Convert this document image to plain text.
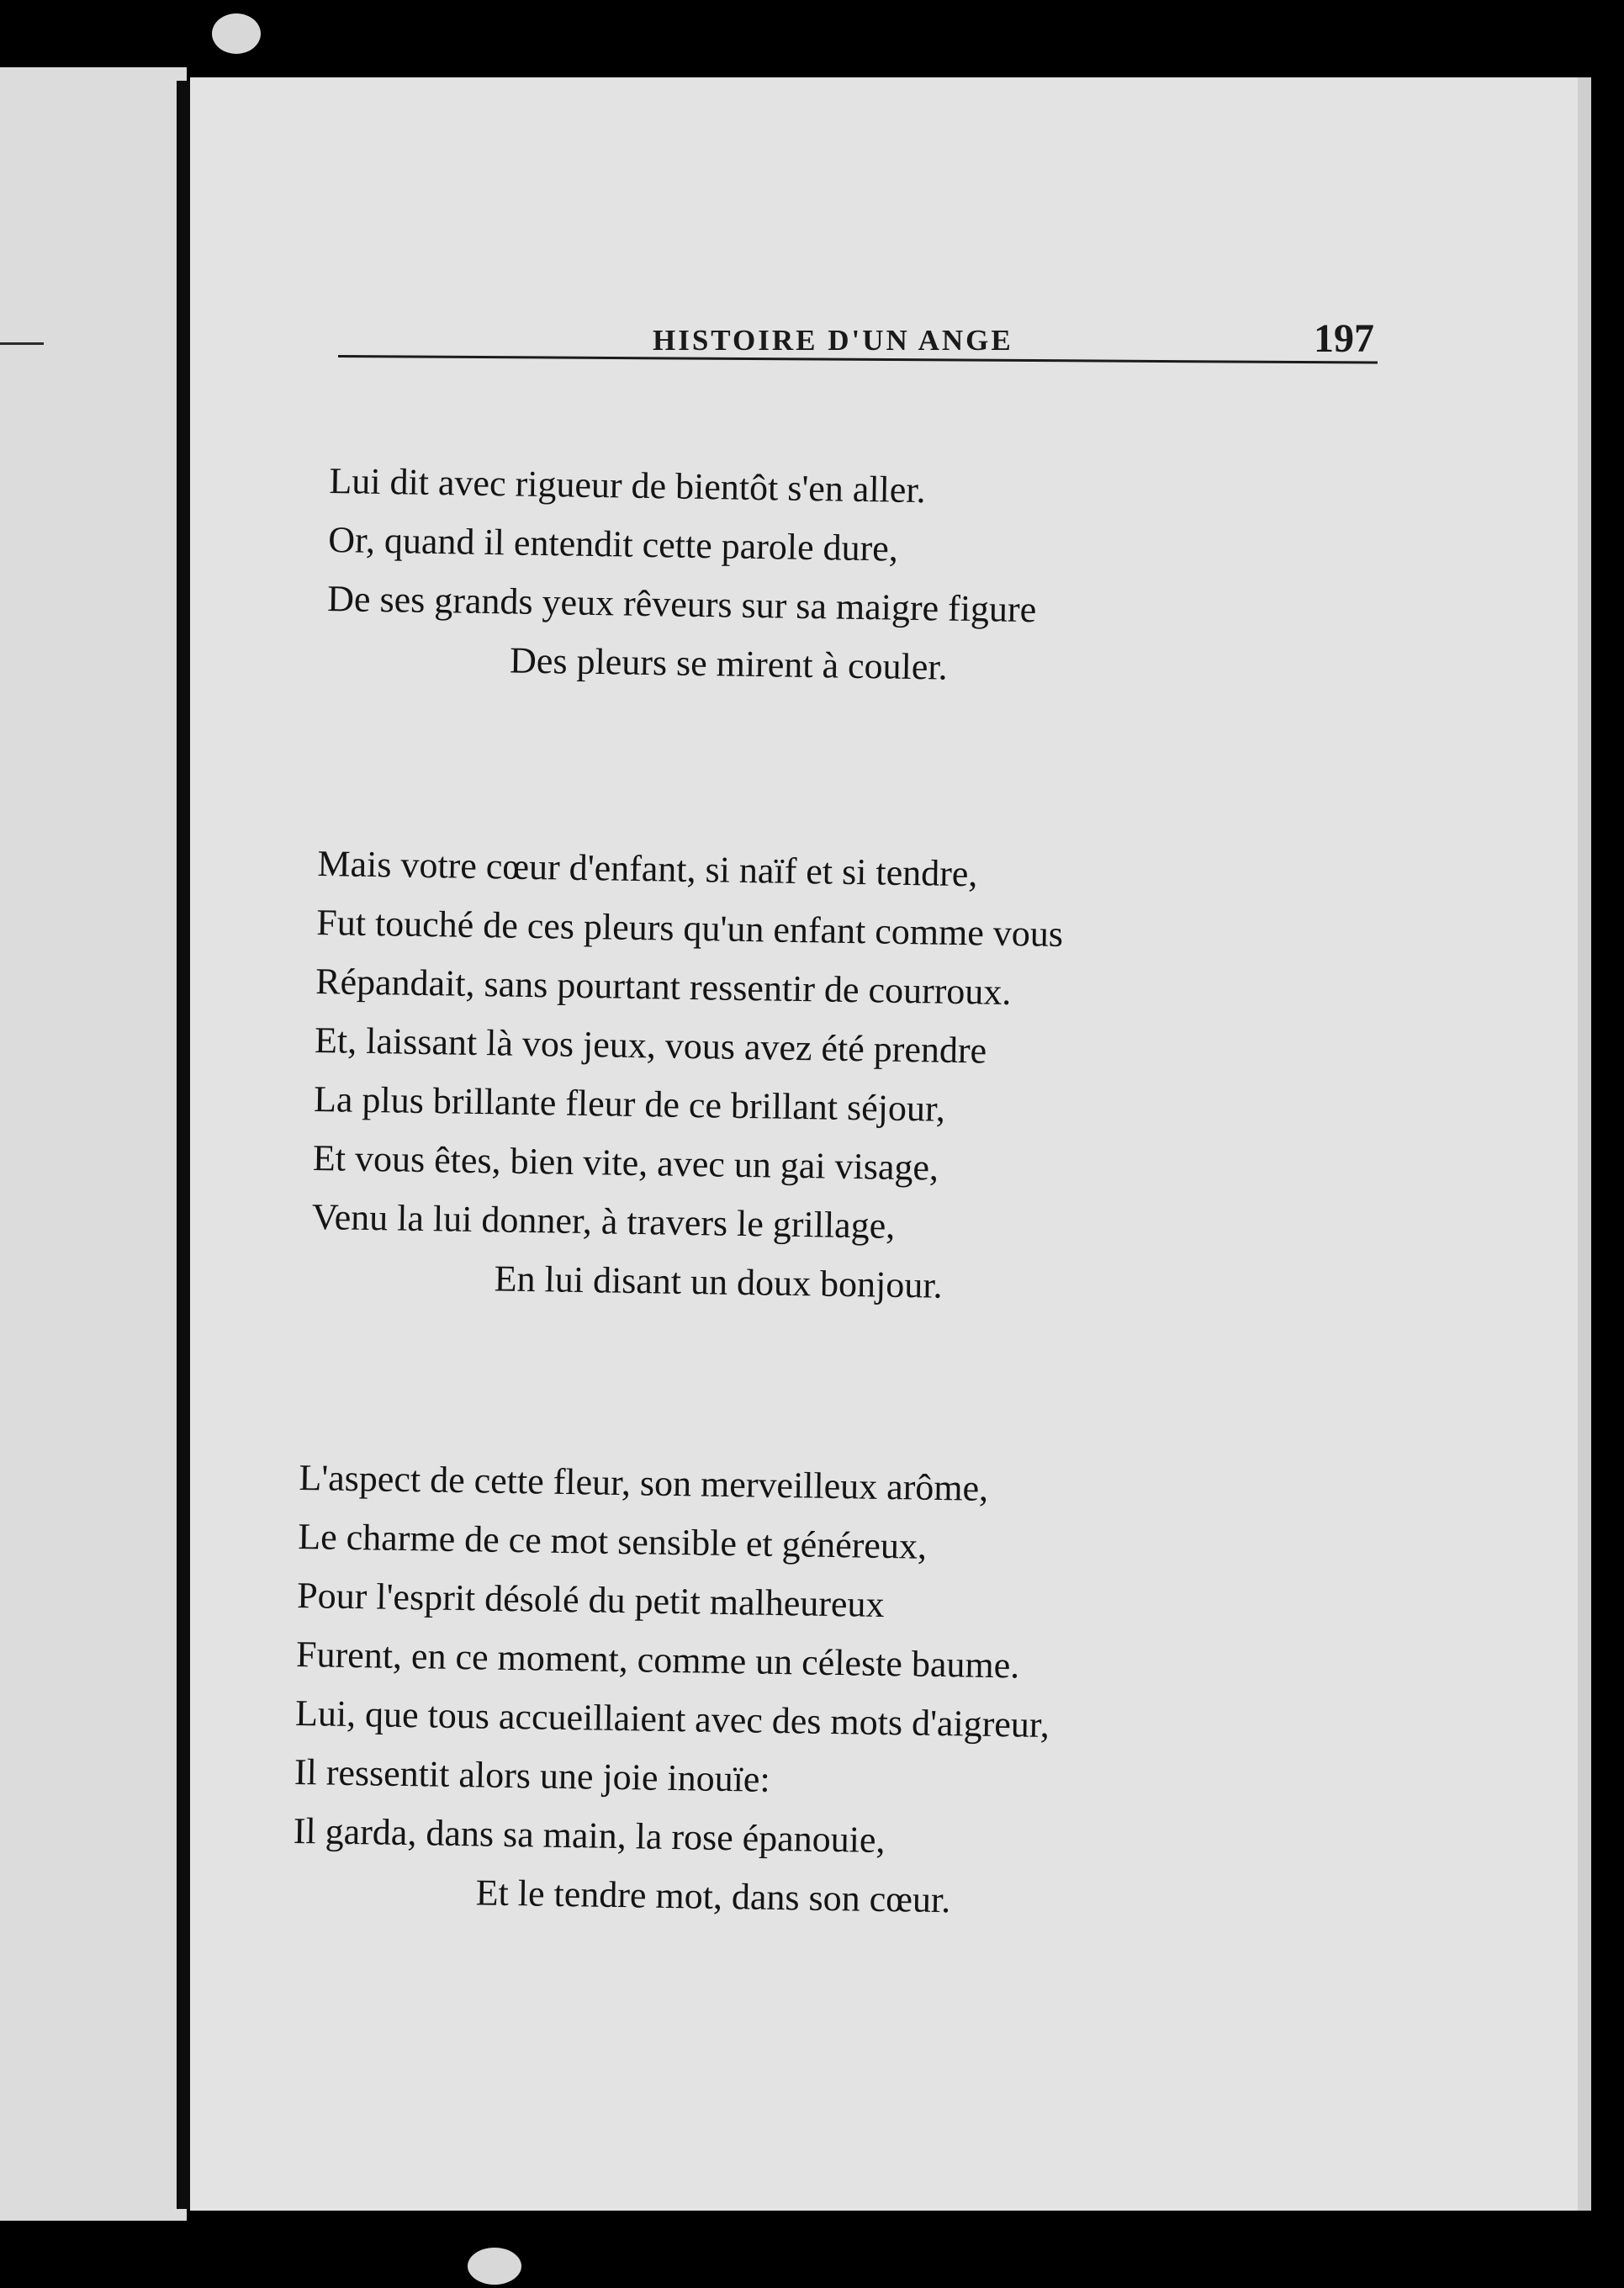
HISTOIRE D'UN ANGE	197
Lui dit avec rigueur de bientôt s'en aller.
Or, quand il entendit cette parole dure,
De ses grands yeux rêveurs sur sa maigre figure
Des pleurs se mirent à couler.
Mais votre cœur d'enfant, si naïf et si tendre,
Fut touché de ces pleurs qu'un enfant comme vous
Répandait, sans pourtant ressentir de courroux.
Et, laissant là vos jeux, vous avez été prendre
La plus brillante fleur de ce brillant séjour,
Et vous êtes, bien vite, avec un gai visage,
Venu la lui donner, à travers le grillage,
En lui disant un doux bonjour.
L'aspect de cette fleur, son merveilleux arôme,
Le charme de ce mot sensible et généreux,
Pour l'esprit désolé du petit malheureux
Furent, en ce moment, comme un céleste baume.
Lui, que tous accueillaient avec des mots d'aigreur,
Il ressentit alors une joie inouïe:
Il garda, dans sa main, la rose épanouie,
Et le tendre mot, dans son cœur.
